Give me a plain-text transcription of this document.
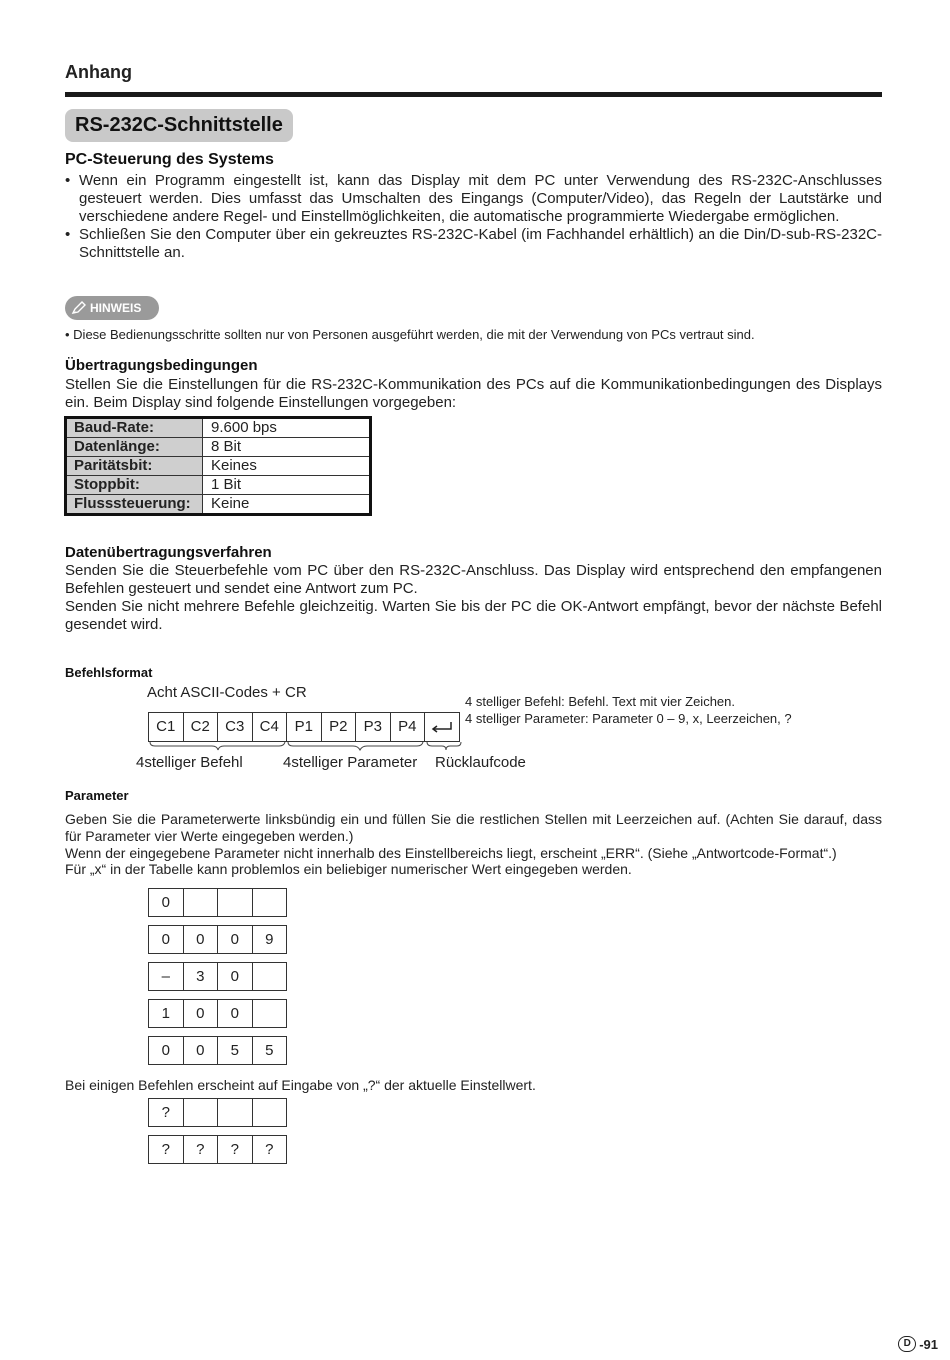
Anhang
RS-232C-Schnittstelle
PC-Steuerung des Systems
• Wenn ein Programm eingestellt ist, kann das Display mit dem PC unter Verwendung des RS-232C-Anschlusses gesteuert werden. Dies umfasst das Umschalten des Eingangs (Computer/Video), das Regeln der Lautstärke und verschiedene andere Regel- und Einstellmöglichkeiten, die automatische programmierte Wiedergabe ermöglichen.
• Schließen Sie den Computer über ein gekreuztes RS-232C-Kabel (im Fachhandel erhältlich) an die Din/D-sub-RS-232C-Schnittstelle an.
HINWEIS
• Diese Bedienungsschritte sollten nur von Personen ausgeführt werden, die mit der Verwendung von PCs vertraut sind.
Übertragungsbedingungen
Stellen Sie die Einstellungen für die RS-232C-Kommunikation des PCs auf die Kommunikationbedingungen des Displays ein. Beim Display sind folgende Einstellungen vorgegeben:
Baud-Rate:	9.600 bps
Datenlänge:	8 Bit
Paritätsbit:	Keines
Stoppbit:	1 Bit
Flusssteuerung:	Keine
Datenübertragungsverfahren
Senden Sie die Steuerbefehle vom PC über den RS-232C-Anschluss. Das Display wird entsprechend den empfangenen Befehlen gesteuert und sendet eine Antwort zum PC.
Senden Sie nicht mehrere Befehle gleichzeitig. Warten Sie bis der PC die OK-Antwort empfängt, bevor der nächste Befehl gesendet wird.
Befehlsformat
Acht ASCII-Codes + CR
4 stelliger Befehl: Befehl. Text mit vier Zeichen.
4 stelliger Parameter: Parameter 0 – 9, x, Leerzeichen, ?
C1	C2	C3	C4	P1	P2	P3	P4
4stelliger Befehl	4stelliger Parameter Rücklaufcode
Parameter
Geben Sie die Parameterwerte linksbündig ein und füllen Sie die restlichen Stellen mit Leerzeichen auf. (Achten Sie darauf, dass für Parameter vier Werte eingegeben werden.)
Wenn der eingegebene Parameter nicht innerhalb des Einstellbereichs liegt, erscheint „ERR“. (Siehe „Antwortcode-Format“.)
Für „x“ in der Tabelle kann problemlos ein beliebiger numerischer Wert eingegeben werden.
0
0	0	0	9
–	3	0
1	0	0
0	0	5	5
Bei einigen Befehlen erscheint auf Eingabe von „?“ der aktuelle Einstellwert.
?
?	?	?	?
D -91
